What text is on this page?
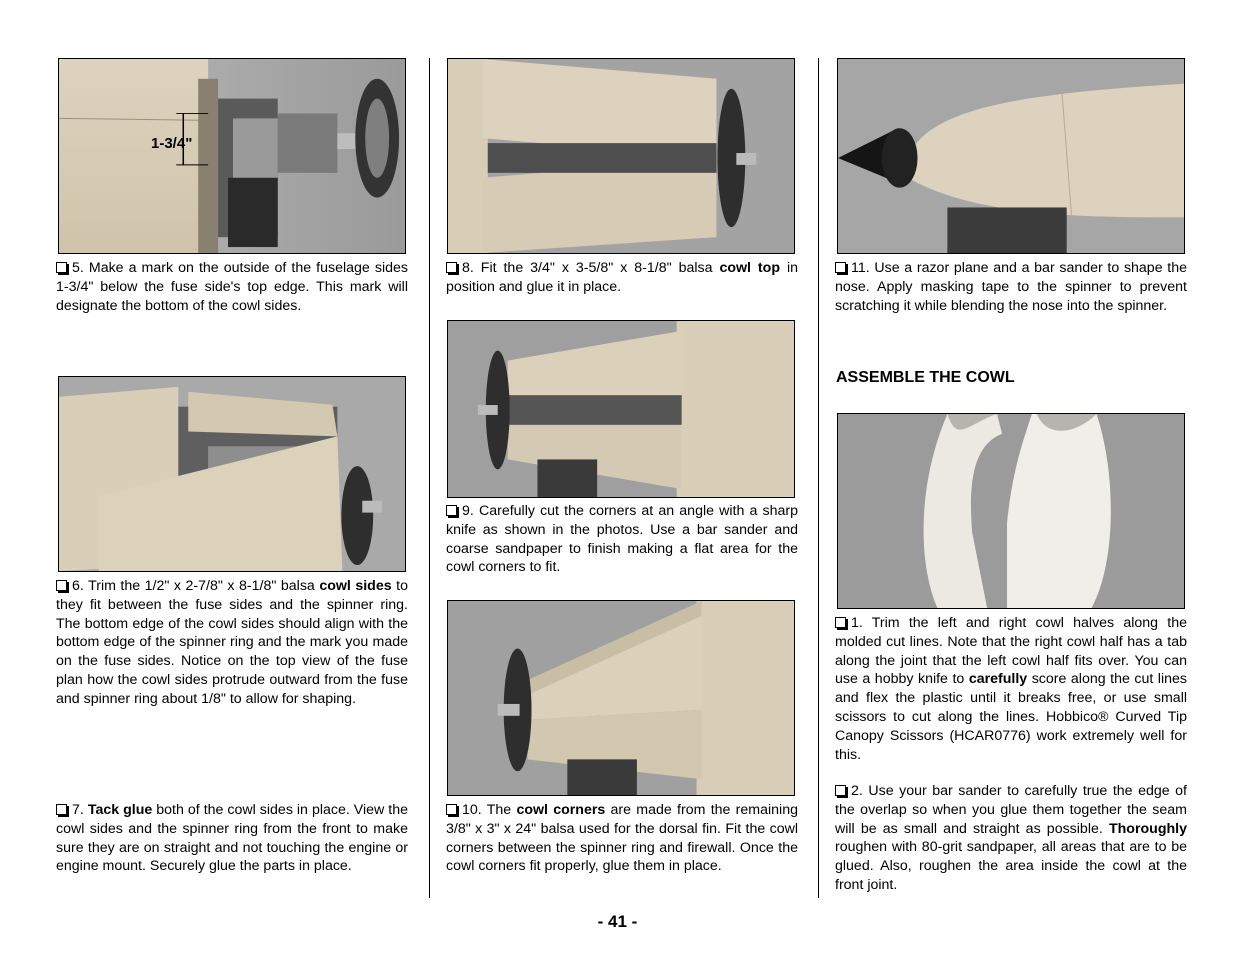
1-3/4"

5. Make a mark on the outside of the fuselage sides 1-3/4" below the fuse side's top edge. This mark will designate the bottom of the cowl sides.

6. Trim the 1/2" x 2-7/8" x 8-1/8" balsa cowl sides to they fit between the fuse sides and the spinner ring. The bottom edge of the cowl sides should align with the bottom edge of the spinner ring and the mark you made on the fuse sides. Notice on the top view of the fuse plan how the cowl sides protrude outward from the fuse and spinner ring about 1/8" to allow for shaping.

7. Tack glue both of the cowl sides in place. View the cowl sides and the spinner ring from the front to make sure they are on straight and not touching the engine or engine mount. Securely glue the parts in place.

8. Fit the 3/4" x 3-5/8" x 8-1/8" balsa cowl top in position and glue it in place.

9. Carefully cut the corners at an angle with a sharp knife as shown in the photos. Use a bar sander and coarse sandpaper to finish making a flat area for the cowl corners to fit.

10. The cowl corners are made from the remaining 3/8" x 3" x 24" balsa used for the dorsal fin. Fit the cowl corners between the spinner ring and firewall. Once the cowl corners fit properly, glue them in place.

11. Use a razor plane and a bar sander to shape the nose. Apply masking tape to the spinner to prevent scratching it while blending the nose into the spinner.

ASSEMBLE THE COWL

1. Trim the left and right cowl halves along the molded cut lines. Note that the right cowl half has a tab along the joint that the left cowl half fits over. You can use a hobby knife to carefully score along the cut lines and flex the plastic until it breaks free, or use small scissors to cut along the lines. Hobbico® Curved Tip Canopy Scissors (HCAR0776) work extremely well for this.

2. Use your bar sander to carefully true the edge of the overlap so when you glue them together the seam will be as small and straight as possible. Thoroughly roughen with 80-grit sandpaper, all areas that are to be glued. Also, roughen the area inside the cowl at the front joint.

- 41 -
